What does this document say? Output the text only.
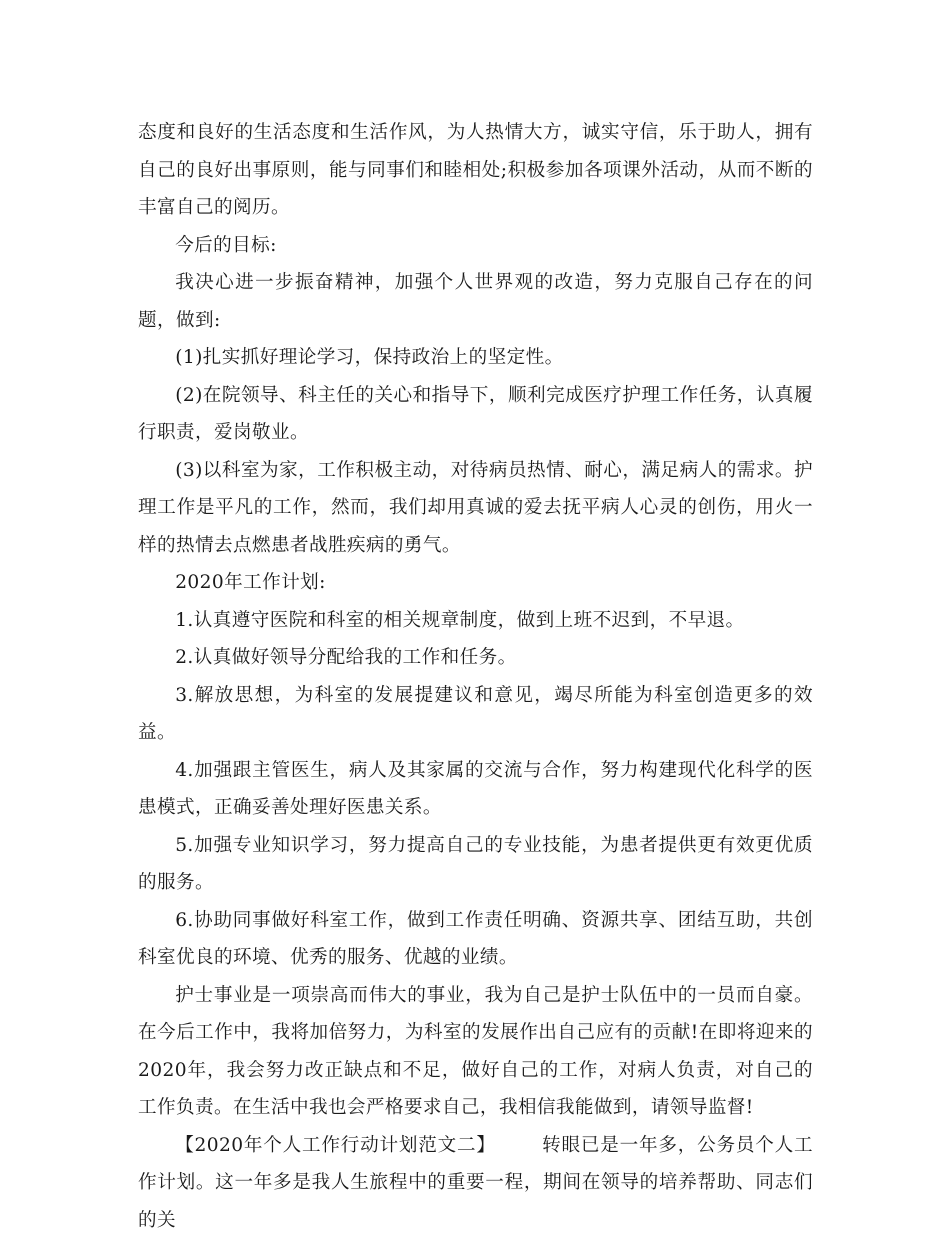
态度和良好的生活态度和生活作风，为人热情大方，诚实守信，乐于助人，拥有自己的良好出事原则，能与同事们和睦相处;积极参加各项课外活动，从而不断的丰富自己的阅历。

今后的目标:

我决心进一步振奋精神，加强个人世界观的改造，努力克服自己存在的问题，做到:

(1)扎实抓好理论学习，保持政治上的坚定性。

(2)在院领导、科主任的关心和指导下，顺利完成医疗护理工作任务，认真履行职责，爱岗敬业。

(3)以科室为家，工作积极主动，对待病员热情、耐心，满足病人的需求。护理工作是平凡的工作，然而，我们却用真诚的爱去抚平病人心灵的创伤，用火一样的热情去点燃患者战胜疾病的勇气。

2020年工作计划:

1.认真遵守医院和科室的相关规章制度，做到上班不迟到，不早退。

2.认真做好领导分配给我的工作和任务。

3.解放思想，为科室的发展提建议和意见，竭尽所能为科室创造更多的效益。

4.加强跟主管医生，病人及其家属的交流与合作，努力构建现代化科学的医患模式，正确妥善处理好医患关系。

5.加强专业知识学习，努力提高自己的专业技能，为患者提供更有效更优质的服务。

6.协助同事做好科室工作，做到工作责任明确、资源共享、团结互助，共创科室优良的环境、优秀的服务、优越的业绩。

护士事业是一项崇高而伟大的事业，我为自己是护士队伍中的一员而自豪。在今后工作中，我将加倍努力，为科室的发展作出自己应有的贡献!在即将迎来的2020年，我会努力改正缺点和不足，做好自己的工作，对病人负责，对自己的工作负责。在生活中我也会严格要求自己，我相信我能做到，请领导监督!

【2020年个人工作行动计划范文二】 转眼已是一年多，公务员个人工作计划。这一年多是我人生旅程中的重要一程，期间在领导的培养帮助、同志们的关
